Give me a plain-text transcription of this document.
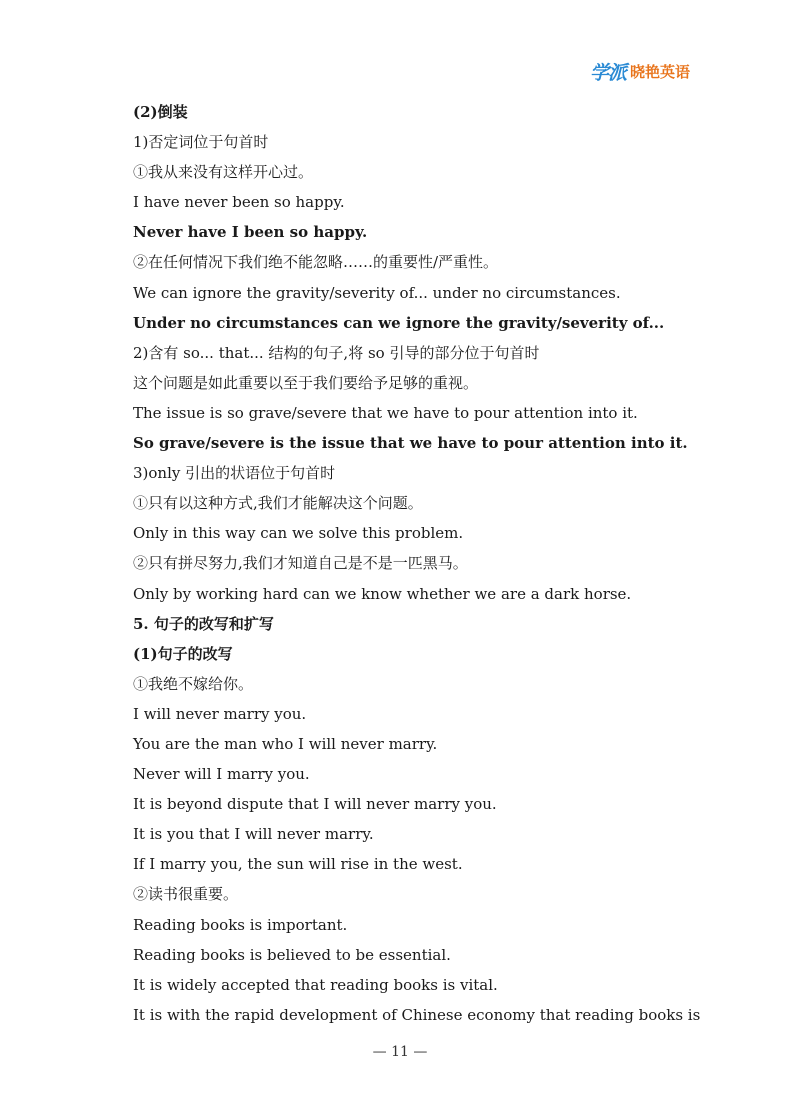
学派 晓艳英语
(2)倒装
1)否定词位于句首时
①我从来没有这样开心过。
I have never been so happy.
Never have I been so happy.
②在任何情况下我们绝不能忽略……的重要性/严重性。
We can ignore the gravity/severity of... under no circumstances.
Under no circumstances can we ignore the gravity/severity of...
2)含有 so... that... 结构的句子,将 so 引导的部分位于句首时
这个问题是如此重要以至于我们要给予足够的重视。
The issue is so grave/severe that we have to pour attention into it.
So grave/severe is the issue that we have to pour attention into it.
3)only 引出的状语位于句首时
①只有以这种方式,我们才能解决这个问题。
Only in this way can we solve this problem.
②只有拼尽努力,我们才知道自己是不是一匹黑马。
Only by working hard can we know whether we are a dark horse.
5. 句子的改写和扩写
(1)句子的改写
①我绝不嫁给你。
I will never marry you.
You are the man who I will never marry.
Never will I marry you.
It is beyond dispute that I will never marry you.
It is you that I will never marry.
If I marry you, the sun will rise in the west.
②读书很重要。
Reading books is important.
Reading books is believed to be essential.
It is widely accepted that reading books is vital.
It is with the rapid development of Chinese economy that reading books is
— 11 —
